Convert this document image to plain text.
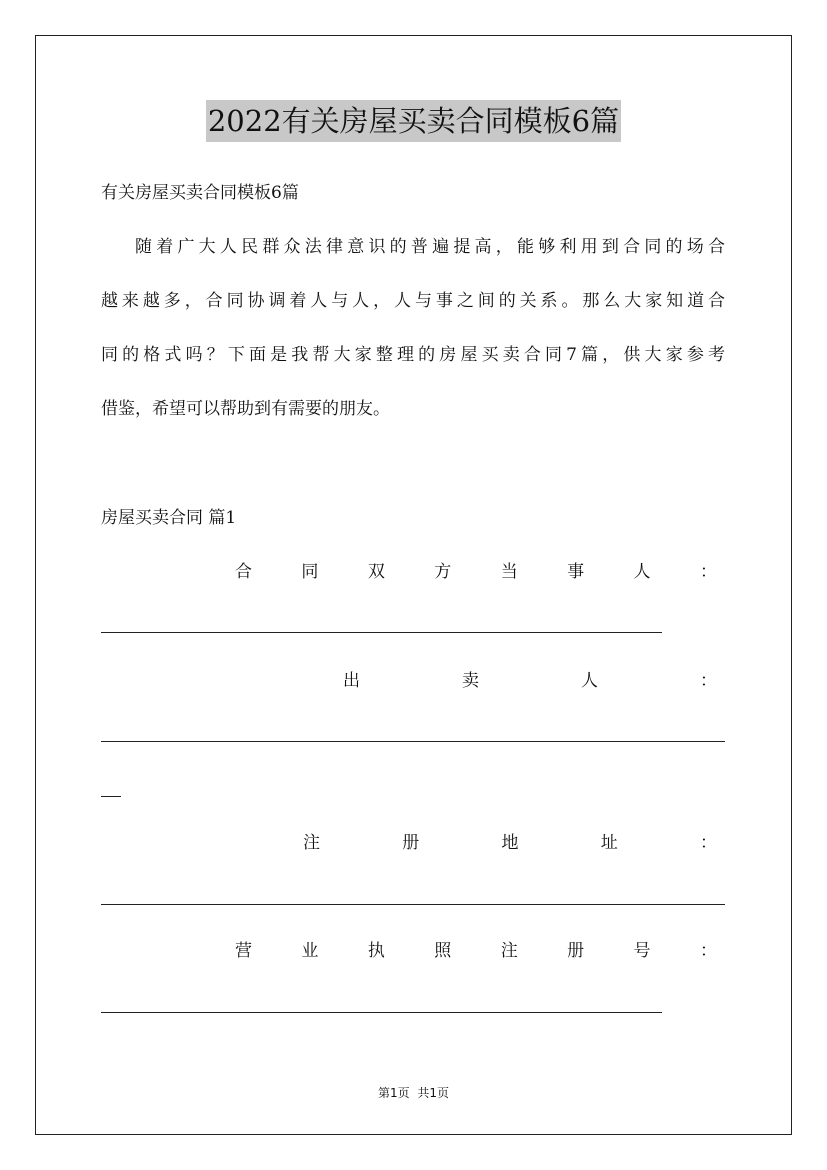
2022有关房屋买卖合同模板6篇
有关房屋买卖合同模板6篇
随着广大人民群众法律意识的普遍提高，能够利用到合同的场合
越来越多，合同协调着人与人，人与事之间的关系。那么大家知道合
同的格式吗？下面是我帮大家整理的房屋买卖合同7篇，供大家参考
借鉴，希望可以帮助到有需要的朋友。
房屋买卖合同 篇1
合	同	双	方	当	事	人	：
出	卖	人	：
注	册	地	址	：
营	业	执	照	注	册	号	：
第1页 共1页
